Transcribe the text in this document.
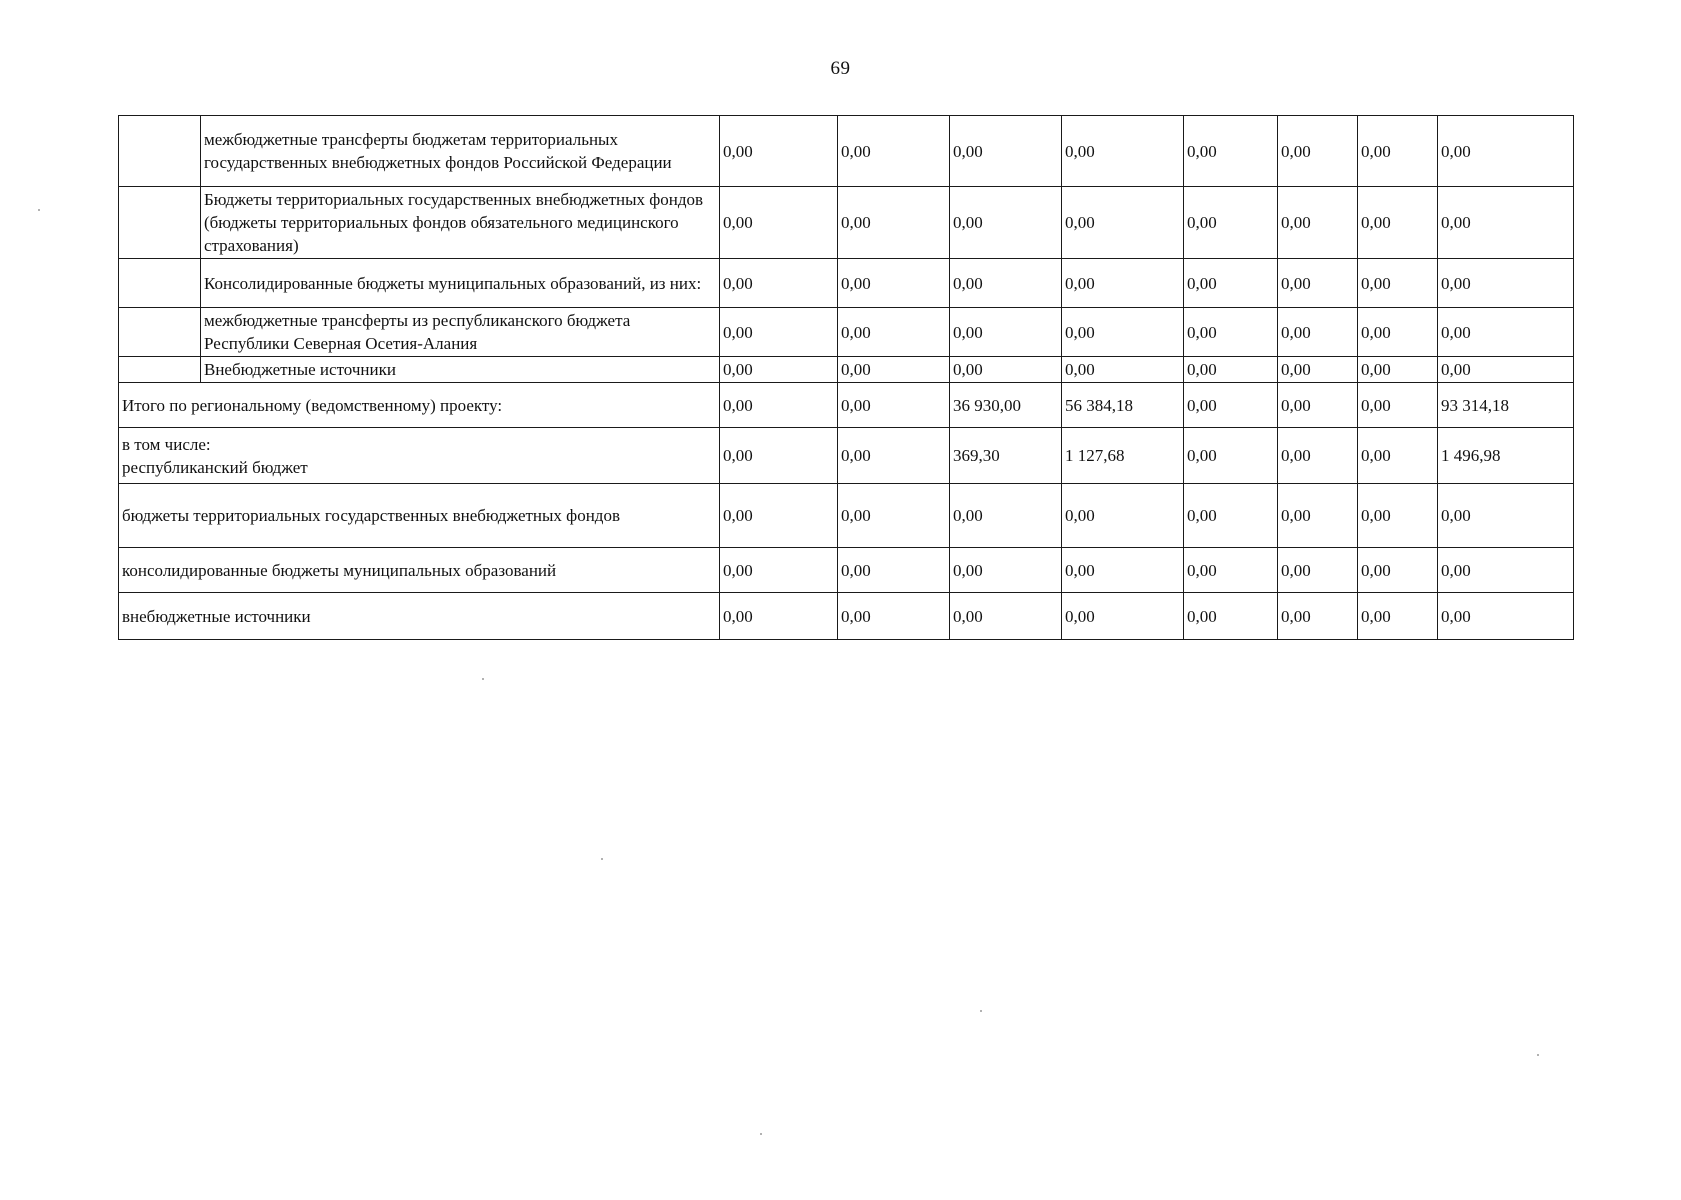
69
	межбюджетные трансферты бюджетам территориальных государственных внебюджетных фондов Российской Федерации	0,00	0,00	0,00	0,00	0,00	0,00	0,00	0,00
	Бюджеты территориальных государственных внебюджетных фондов (бюджеты территориальных фондов обязательного медицинского страхования)	0,00	0,00	0,00	0,00	0,00	0,00	0,00	0,00
	Консолидированные бюджеты муниципальных образований, из них:	0,00	0,00	0,00	0,00	0,00	0,00	0,00	0,00
	межбюджетные трансферты из республиканского бюджета Республики Северная Осетия-Алания	0,00	0,00	0,00	0,00	0,00	0,00	0,00	0,00
	Внебюджетные источники	0,00	0,00	0,00	0,00	0,00	0,00	0,00	0,00
Итого по региональному (ведомственному) проекту:		0,00	0,00	36 930,00	56 384,18	0,00	0,00	0,00	93 314,18

в том числе:
республиканский бюджет		0,00	0,00	369,30	1 127,68	0,00	0,00	0,00	1 496,98
бюджеты территориальных государственных внебюджетных фондов		0,00	0,00	0,00	0,00	0,00	0,00	0,00	0,00
консолидированные бюджеты муниципальных образований		0,00	0,00	0,00	0,00	0,00	0,00	0,00	0,00
внебюджетные источники		0,00	0,00	0,00	0,00	0,00	0,00	0,00	0,00
